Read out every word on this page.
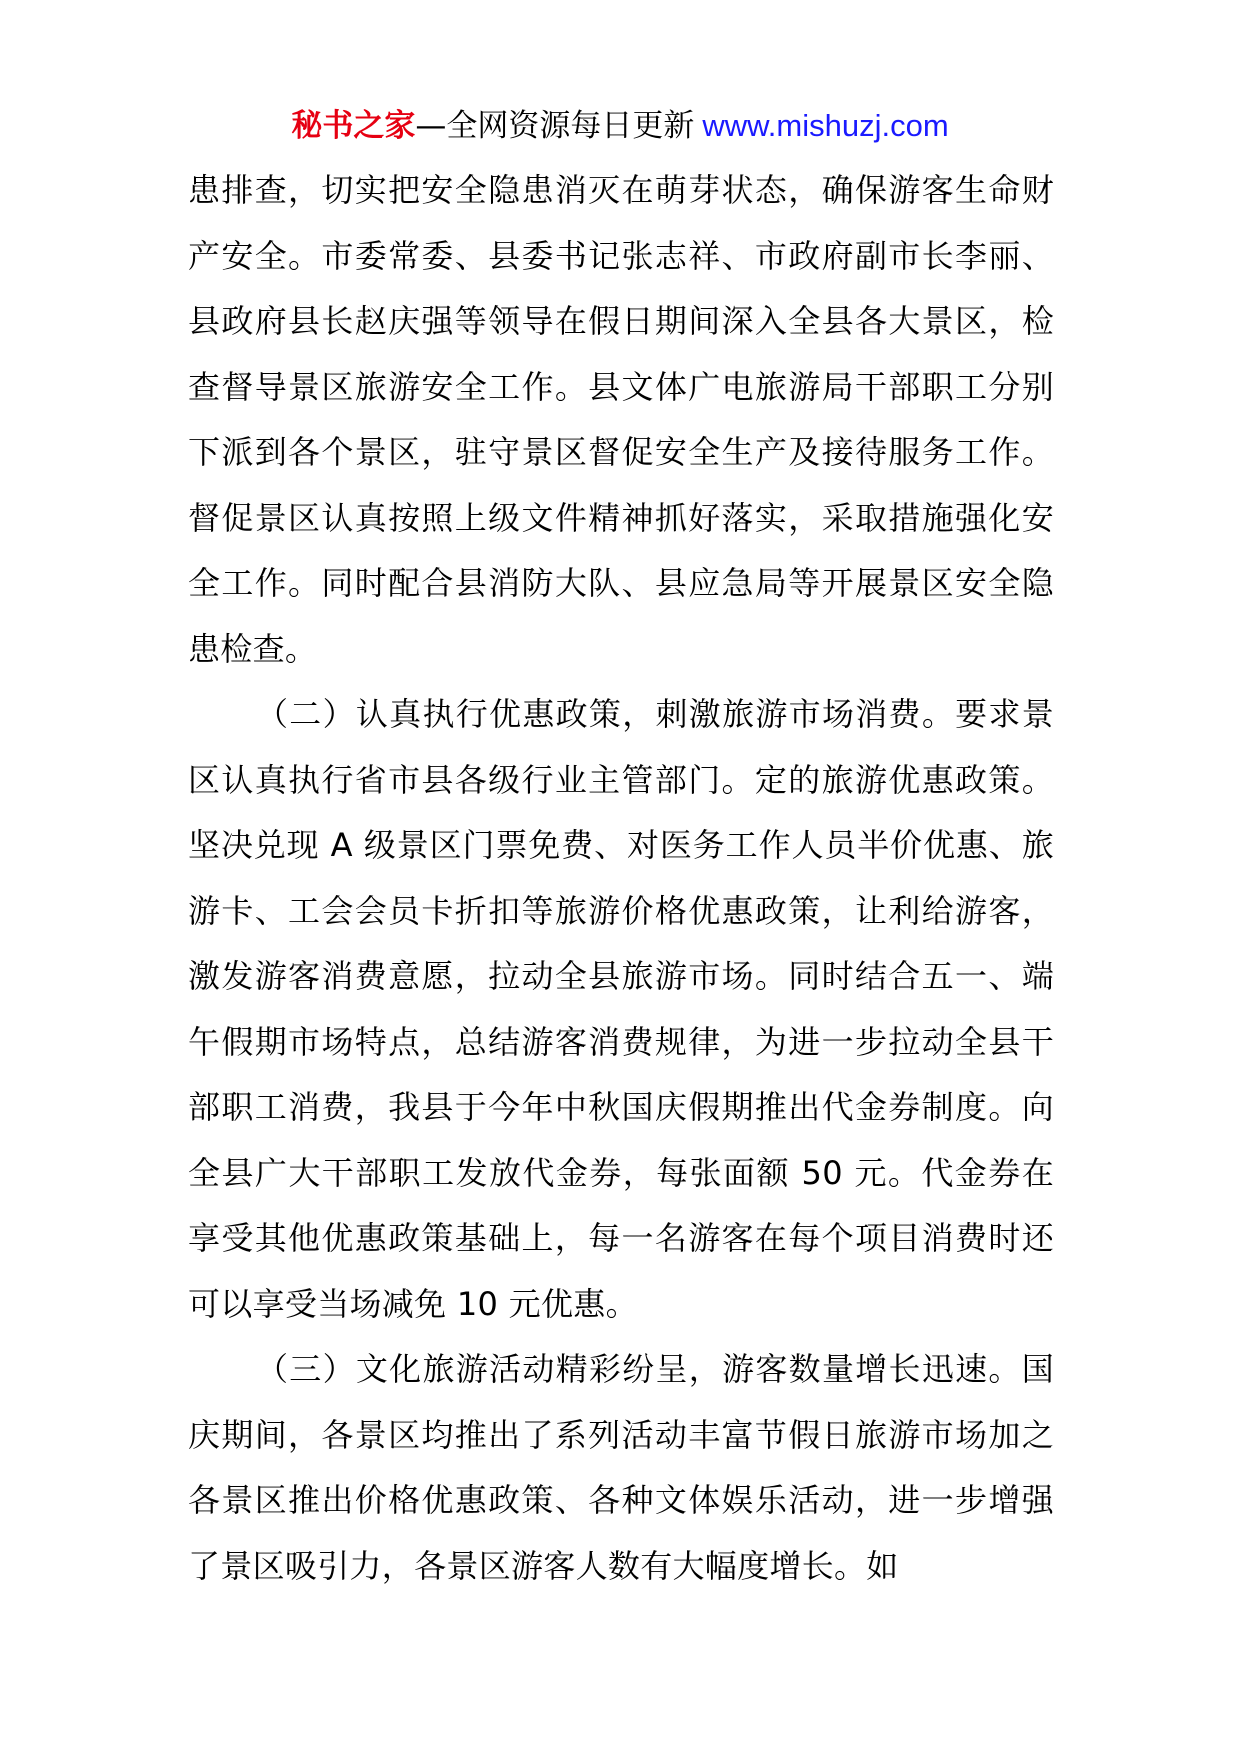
秘书之家—全网资源每日更新 www.mishuzj.com

患排查，切实把安全隐患消灭在萌芽状态，确保游客生命财产安全。市委常委、县委书记张志祥、市政府副市长李丽、县政府县长赵庆强等领导在假日期间深入全县各大景区，检查督导景区旅游安全工作。县文体广电旅游局干部职工分别下派到各个景区，驻守景区督促安全生产及接待服务工作。督促景区认真按照上级文件精神抓好落实，采取措施强化安全工作。同时配合县消防大队、县应急局等开展景区安全隐患检查。

（二）认真执行优惠政策，刺激旅游市场消费。要求景区认真执行省市县各级行业主管部门。定的旅游优惠政策。坚决兑现 A 级景区门票免费、对医务工作人员半价优惠、旅游卡、工会会员卡折扣等旅游价格优惠政策，让利给游客，激发游客消费意愿，拉动全县旅游市场。同时结合五一、端午假期市场特点，总结游客消费规律，为进一步拉动全县干部职工消费，我县于今年中秋国庆假期推出代金券制度。向全县广大干部职工发放代金券，每张面额 50 元。代金券在享受其他优惠政策基础上，每一名游客在每个项目消费时还可以享受当场减免 10 元优惠。

（三）文化旅游活动精彩纷呈，游客数量增长迅速。国庆期间，各景区均推出了系列活动丰富节假日旅游市场加之各景区推出价格优惠政策、各种文体娱乐活动，进一步增强了景区吸引力，各景区游客人数有大幅度增长。如
